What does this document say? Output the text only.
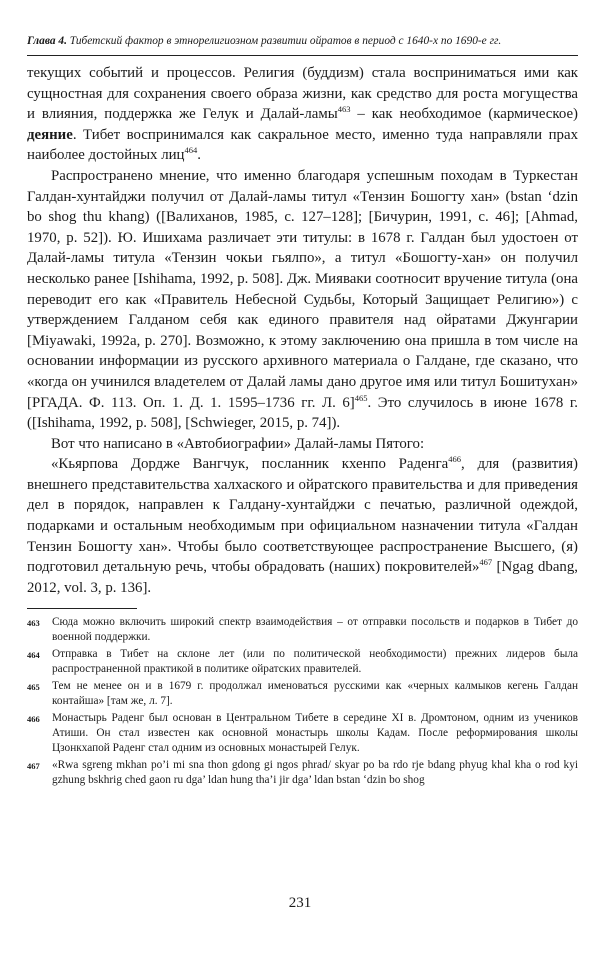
Глава 4. Тибетский фактор в этнорелигиозном развитии ойратов в период с 1640-х по 1690-е гг.

текущих событий и процессов. Религия (буддизм) стала восприниматься ими как сущностная для сохранения своего образа жизни, как средство для роста могущества и влияния, поддержка же Гелук и Далай-ламы$^{463}$ – как необходимое (кармическое) деяние. Тибет воспринимался как сакральное место, именно туда направляли прах наиболее достойных лиц$^{464}$.

Распространено мнение, что именно благодаря успешным походам в Туркестан Галдан-хунтайджи получил от Далай-ламы титул «Тензин Бошогту хан» (bstan ‘dzin bo shog thu khang) ([Валиханов, 1985, с. 127–128]; [Бичурин, 1991, с. 46]; [Ahmad, 1970, p. 52]). Ю. Ишихама различает эти титулы: в 1678 г. Галдан был удостоен от Далай-ламы титула «Тензин чокьи гьялпо», а титул «Бошогту-хан» он получил несколько ранее [Ishihama, 1992, p. 508]. Дж. Мияваки соотносит вручение титула (она переводит его как «Правитель Небесной Судьбы, Который Защищает Религию») с утверждением Галданом себя как единого правителя над ойратами Джунгарии [Miyawaki, 1992a, p. 270]. Возможно, к этому заключению она пришла в том числе на основании информации из русского архивного материала о Галдане, где сказано, что «когда он учинился владетелем от Далай ламы дано другое имя или титул Бошитухан» [РГАДА. Ф. 113. Оп. 1. Д. 1. 1595–1736 гг. Л. 6]$^{465}$. Это случилось в июне 1678 г. ([Ishihama, 1992, p. 508], [Schwieger, 2015, p. 74]).

Вот что написано в «Автобиографии» Далай-ламы Пятого:

«Кьярпова Дордже Вангчук, посланник кхенпо Раденга$^{466}$, для (развития) внешнего представительства халхаского и ойратского правительства и для приведения дел в порядок, направлен к Галдану-хунтайджи с печатью, различной одеждой, подарками и остальным необходимым при официальном назначении титула «Галдан Тензин Бошогту хан». Чтобы было соответствующее распространение Высшего, (я) подготовил детальную речь, чтобы обрадовать (наших) покровителей»$^{467}$ [Ngag dbang, 2012, vol. 3, p. 136].

463	Сюда можно включить широкий спектр взаимодействия – от отправки посольств и подарков в Тибет до военной поддержки.
464	Отправка в Тибет на склоне лет (или по политической необходимости) прежних лидеров была распространенной практикой в политике ойратских правителей.
465	Тем не менее он и в 1679 г. продолжал именоваться русскими как «черных калмыков кегень Галдан контайша» [там же, л. 7].
466	Монастырь Раденг был основан в Центральном Тибете в середине XI в. Дромтоном, одним из учеников Атиши. Он стал известен как основной монастырь школы Кадам. После реформирования школы Цзонкхапой Раденг стал одним из основных монастырей Гелук.
467	«Rwa sgreng mkhan po’i mi sna thon gdong gi ngos phrad/ skyar po ba rdo rje bdang phyug khal kha o rod kyi gzhung bskhrig ched gaon ru dga’ ldan hung tha’i jir dga’ ldan bstan ‘dzin bo shog
231
